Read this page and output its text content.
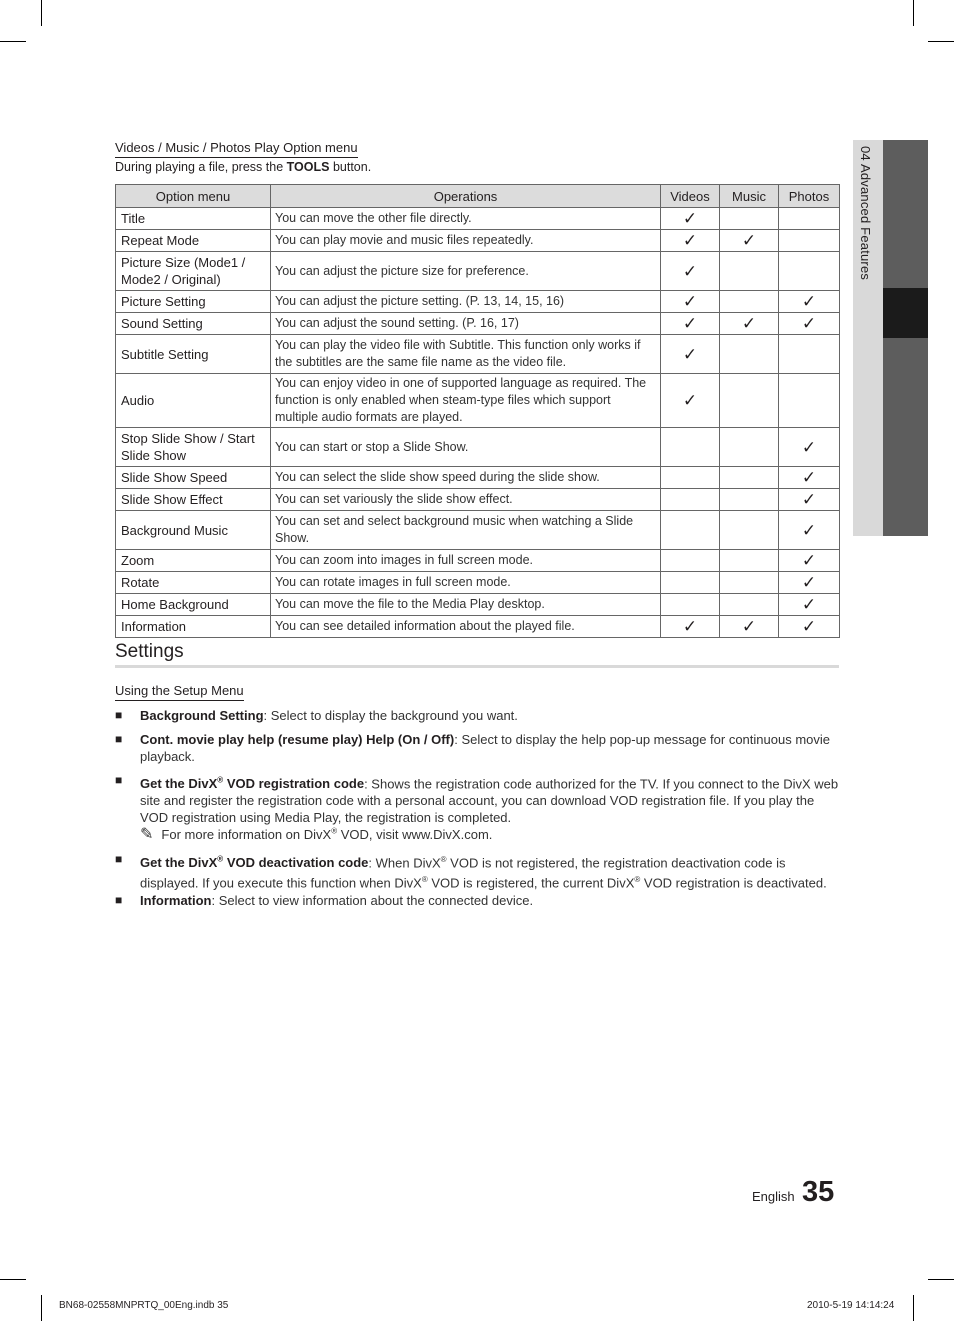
04 Advanced Features
Videos / Music / Photos Play Option menu
During playing a file, press the TOOLS button.
Option menu	Operations	Videos	Music	Photos
Title	You can move the other file directly.	✓		
Repeat Mode	You can play movie and music files repeatedly.	✓	✓	
Picture Size (Mode1 / Mode2 / Original)	You can adjust the picture size for preference.	✓		
Picture Setting	You can adjust the picture setting. (P. 13, 14, 15, 16)	✓		✓
Sound Setting	You can adjust the sound setting. (P. 16, 17)	✓	✓	✓
Subtitle Setting	You can play the video file with Subtitle. This function only works if the subtitles are the same file name as the video file.	✓		
Audio	You can enjoy video in one of supported language as required. The function is only enabled when steam-type files which support multiple audio formats are played.	✓		
Stop Slide Show / Start Slide Show	You can start or stop a Slide Show.			✓
Slide Show Speed	You can select the slide show speed during the slide show.			✓
Slide Show Effect	You can set variously the slide show effect.			✓
Background Music	You can set and select background music when watching a Slide Show.			✓
Zoom	You can zoom into images in full screen mode.			✓
Rotate	You can rotate images in full screen mode.			✓
Home Background	You can move the file to the Media Play desktop.			✓
Information	You can see detailed information about the played file.	✓	✓	✓
Settings
Using the Setup Menu
■ Background Setting: Select to display the background you want.
■ Cont. movie play help (resume play) Help (On / Off): Select to display the help pop-up message for continuous movie playback.
■ Get the DivX® VOD registration code: Shows the registration code authorized for the TV. If you connect to the DivX web site and register the registration code with a personal account, you can download VOD registration file. If you play the VOD registration using Media Play, the registration is completed.
✎ For more information on DivX® VOD, visit www.DivX.com.
■ Get the DivX® VOD deactivation code: When DivX® VOD is not registered, the registration deactivation code is displayed. If you execute this function when DivX® VOD is registered, the current DivX® VOD registration is deactivated.
■ Information: Select to view information about the connected device.
English 35
BN68-02558MNPRTQ_00Eng.indb 35	2010-5-19 14:14:24
